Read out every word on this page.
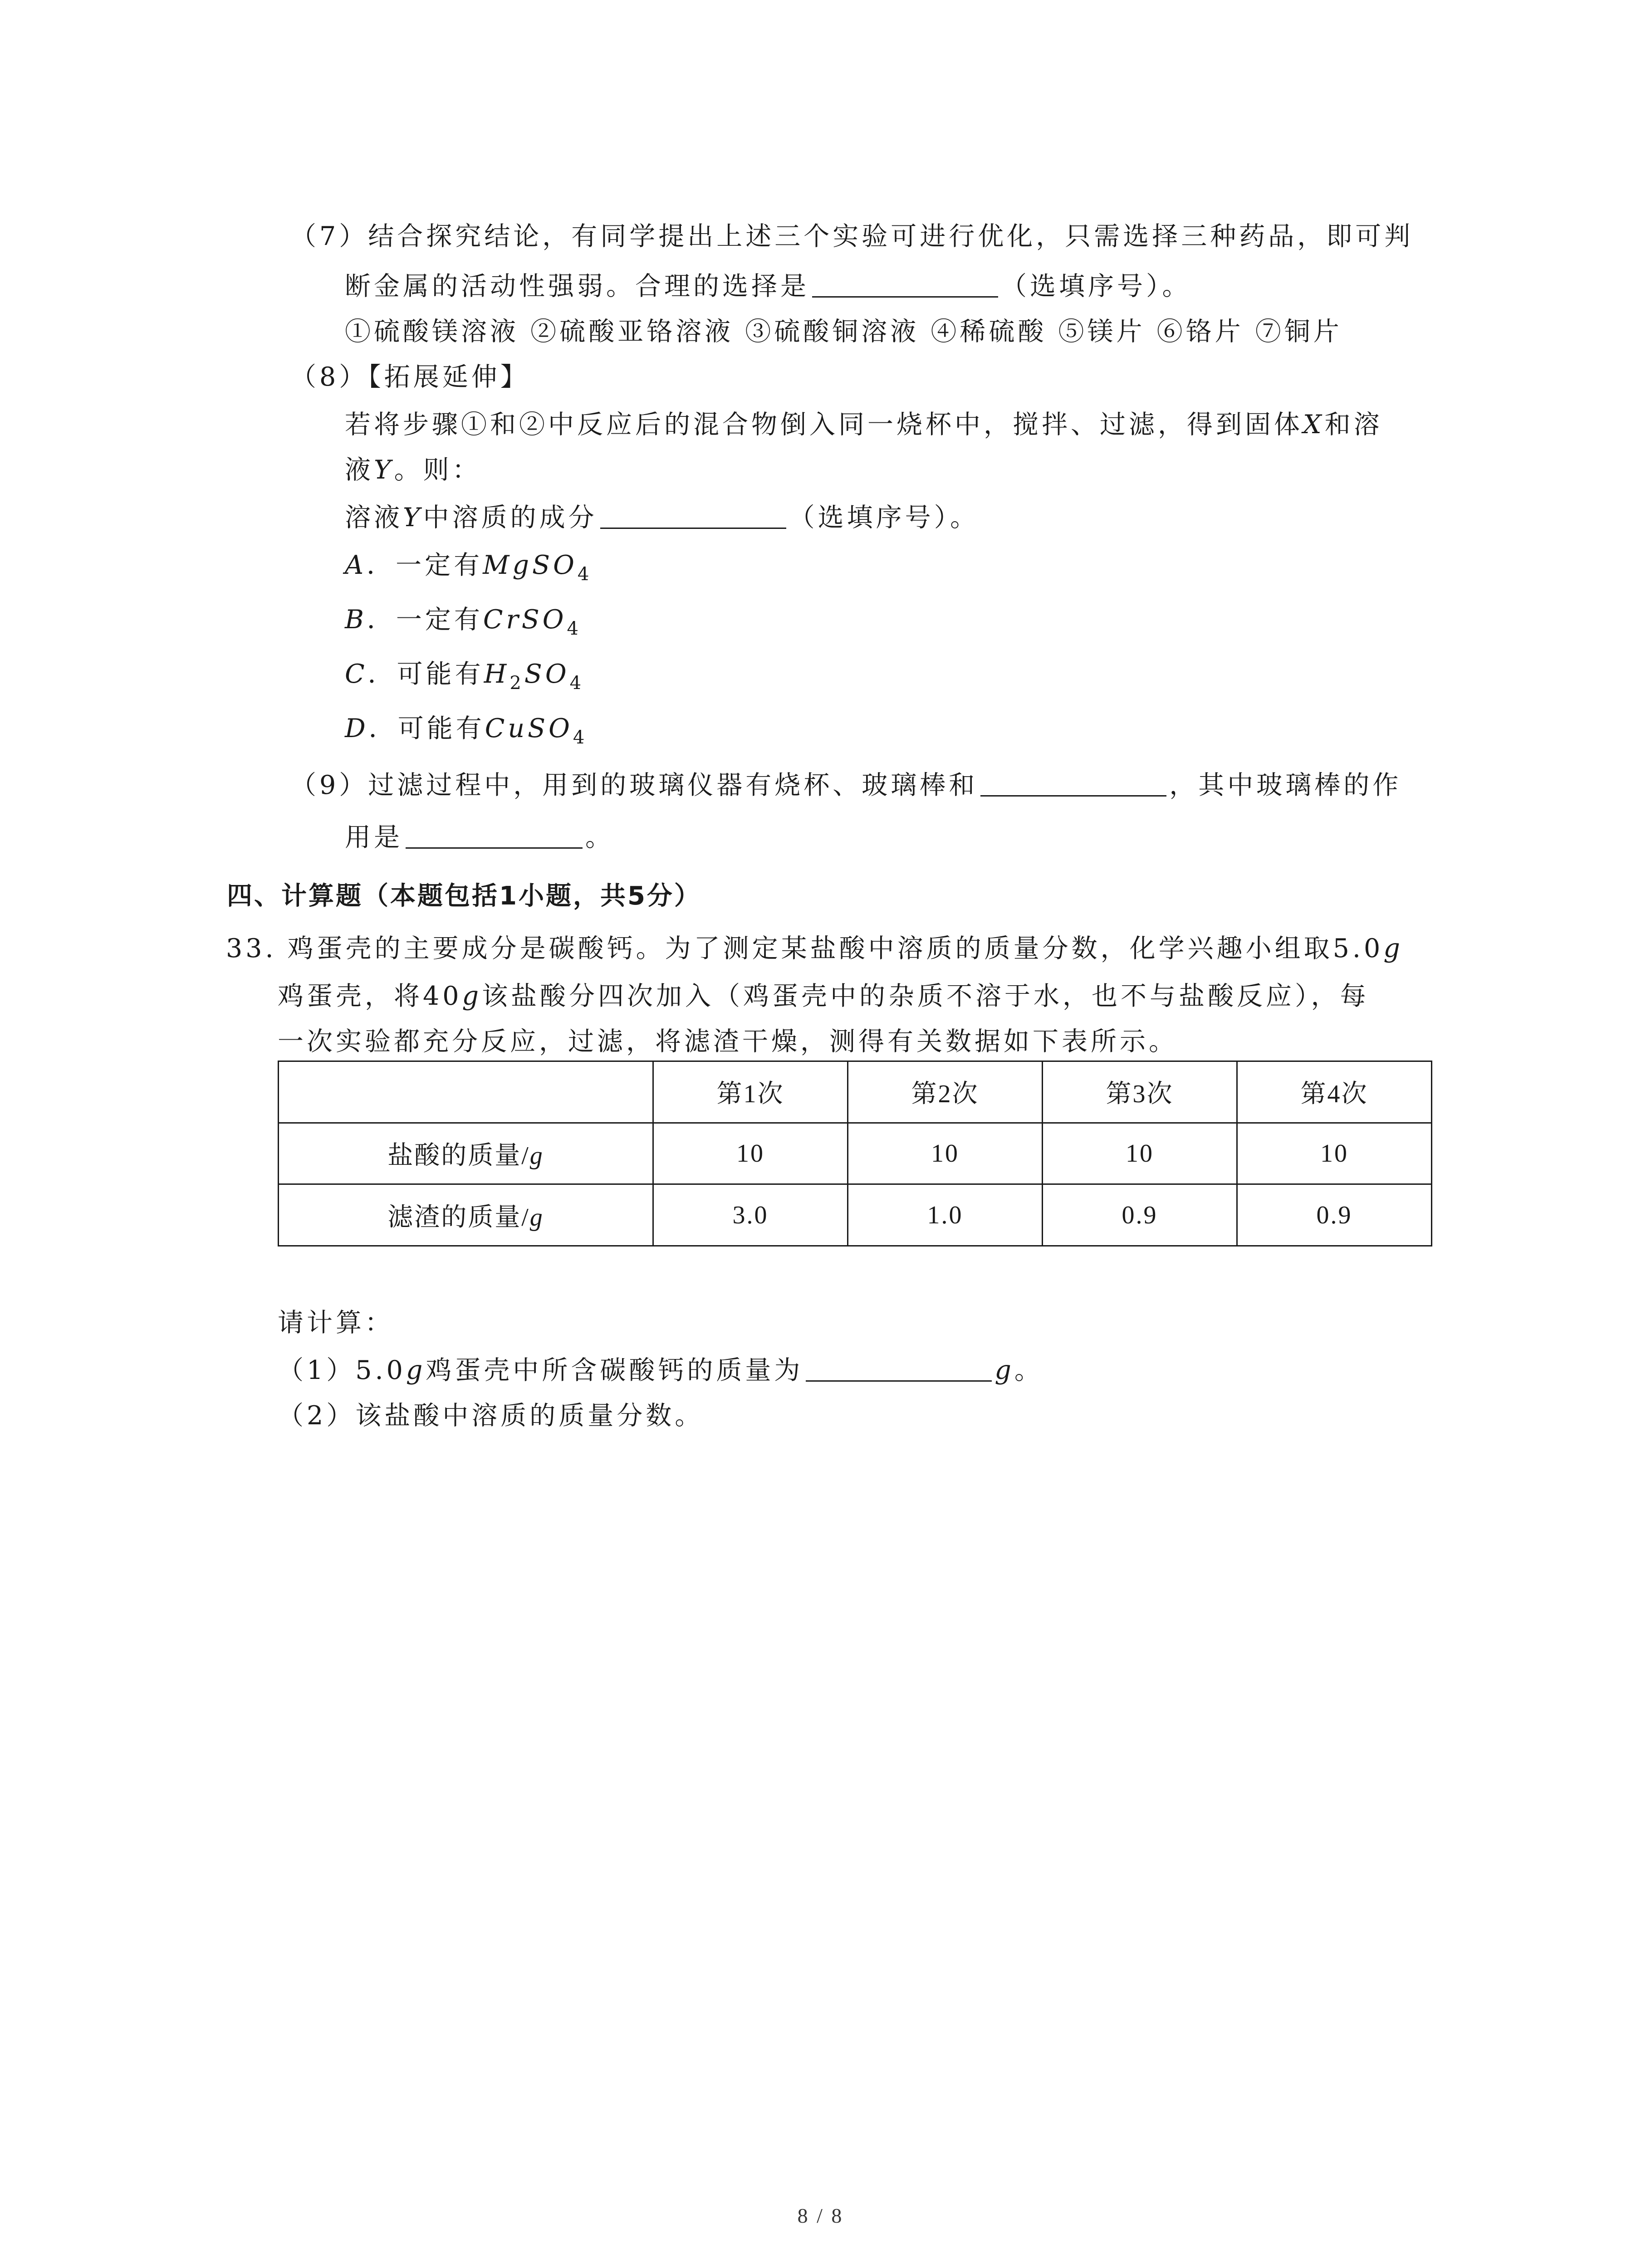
（7）结合探究结论，有同学提出上述三个实验可进行优化，只需选择三种药品，即可判
断金属的活动性强弱。合理的选择是	（选填序号）。
①硫酸镁溶液 ②硫酸亚铬溶液 ③硫酸铜溶液 ④稀硫酸 ⑤镁片 ⑥铬片 ⑦铜片
（8）【拓展延伸】
若将步骤①和②中反应后的混合物倒入同一烧杯中，搅拌、过滤，得到固体X和溶
液Y。则：
溶液Y中溶质的成分	（选填序号）。
A．一定有MgSO$_4$
B．一定有CrSO$_4$
C．可能有$H_2SO_4$
D．可能有CuSO$_4$
（9）过滤过程中，用到的玻璃仪器有烧杯、玻璃棒和	，其中玻璃棒的作
用是	。
四、计算题（本题包括1小题，共5分）
33. 鸡蛋壳的主要成分是碳酸钙。为了测定某盐酸中溶质的质量分数，化学兴趣小组取5.0g
鸡蛋壳，将40g该盐酸分四次加入（鸡蛋壳中的杂质不溶于水，也不与盐酸反应），每
一次实验都充分反应，过滤，将滤渣干燥，测得有关数据如下表所示。
	第1次	第2次	第3次	第4次
盐酸的质量/g	10	10	10	10
滤渣的质量/g	3.0	1.0	0.9	0.9
请计算：
（1）5.0g鸡蛋壳中所含碳酸钙的质量为	g。
（2）该盐酸中溶质的质量分数。
8 / 8
